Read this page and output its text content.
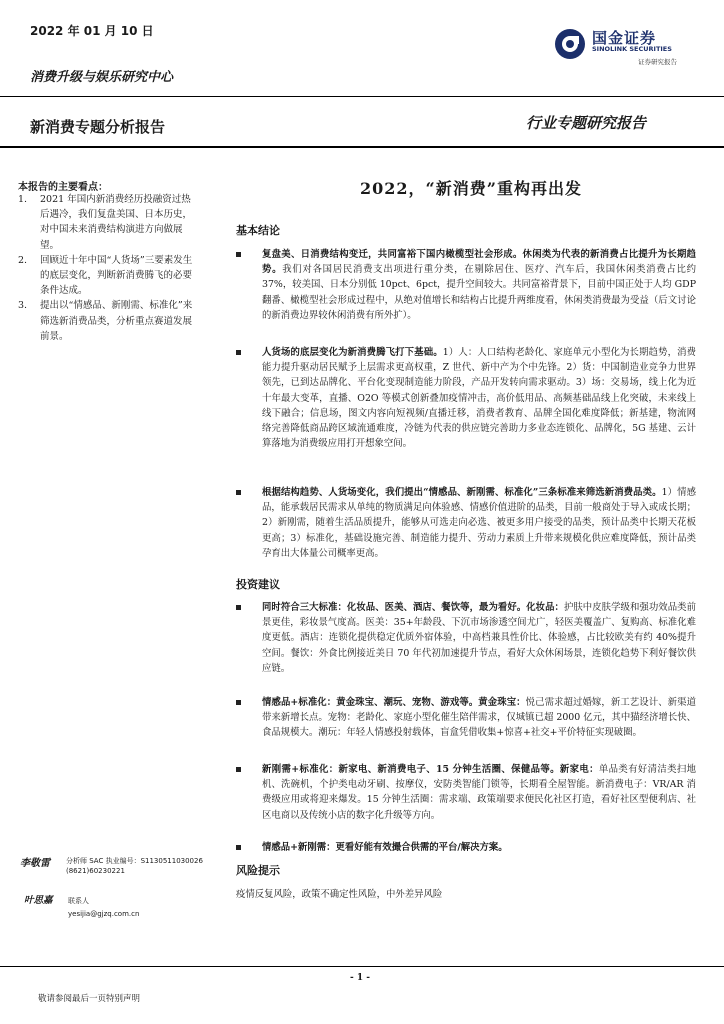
2022 年 01 月 10 日	国金证券
SINOLINK SECURITIES
证券研究报告
消费升级与娱乐研究中心
新消费专题分析报告	行业专题研究报告
本报告的主要看点：
1.	2021 年国内新消费经历投融资过热后遇冷，我们复盘美国、日本历史，对中国未来消费结构演进方向做展望。
2.	回顾近十年中国“人货场”三要素发生的底层变化，判断新消费腾飞的必要条件达成。
3.	提出以“情感品、新刚需、标准化”来筛选新消费品类，分析重点赛道发展前景。
2022，“新消费”重构再出发
基本结论
复盘美、日消费结构变迁，共同富裕下国内橄榄型社会形成。休闲类为代表的新消费占比提升为长期趋势。我们对各国居民消费支出项进行重分类，在剔除居住、医疗、汽车后，我国休闲类消费占比约 37%，较美国、日本分别低 10pct、6pct，提升空间较大。共同富裕背景下，目前中国正处于人均 GDP 翻番、橄榄型社会形成过程中，从绝对值增长和结构占比提升两维度看，休闲类消费最为受益（后文讨论的新消费边界较休闲消费有所外扩）。
人货场的底层变化为新消费腾飞打下基础。1）人：人口结构老龄化、家庭单元小型化为长期趋势，消费能力提升驱动居民赋予上层需求更高权重，Z 世代、新中产为个中先锋。2）货：中国制造业竞争力世界领先，已到达品牌化、平台化变现制造能力阶段，产品开发转向需求驱动。3）场：交易场，线上化为近十年最大变革，直播、O2O 等模式创新叠加疫情冲击，高价低用品、高频基础品线上化突破，未来线上线下融合；信息场，图文内容向短视频/直播迁移，消费者教育、品牌全国化难度降低；新基建，物流网络完善降低商品跨区域流通难度，冷链为代表的供应链完善助力多业态连锁化、品牌化，5G 基建、云计算落地为消费级应用打开想象空间。
根据结构趋势、人货场变化，我们提出“情感品、新刚需、标准化”三条标准来筛选新消费品类。1）情感品，能承载居民需求从单纯的物质满足向体验感、情感价值进阶的品类，目前一般商处于导入或成长期；2）新刚需，随着生活品质提升，能够从可选走向必选、被更多用户接受的品类，预计品类中长期天花板更高；3）标准化，基础设施完善、制造能力提升、劳动力素质上升带来规模化供应难度降低，预计品类孕育出大体量公司概率更高。
投资建议
同时符合三大标准：化妆品、医美、酒店、餐饮等，最为看好。化妆品：护肤中皮肤学级和强功效品类前景更佳，彩妆景气度高。医美：35+年龄段、下沉市场渗透空间尤广，轻医美覆盖广、复购高、标准化难度更低。酒店：连锁化提供稳定优质外宿体验，中高档兼具性价比、体验感，占比较欧美有约 40%提升空间。餐饮：外食比例接近美日 70 年代初加速提升节点，看好大众休闲场景，连锁化趋势下利好餐饮供应链。
情感品+标准化：黄金珠宝、潮玩、宠物、游戏等。黄金珠宝：悦己需求超过婚嫁，新工艺设计、新渠道带来新增长点。宠物：老龄化、家庭小型化催生陪伴需求，仅城镇已超 2000 亿元，其中猫经济增长快、食品规模大。潮玩：年轻人情感投射载体，盲盒凭借收集+惊喜+社交+平价特征实现破圈。
新刚需+标准化：新家电、新消费电子、15 分钟生活圈、保健品等。新家电：单品类有好清洁类扫地机、洗碗机，个护类电动牙刷、按摩仪，安防类智能门锁等，长期看全屋智能。新消费电子：VR/AR 消费级应用或将迎来爆发。15 分钟生活圈：需求端、政策端要求便民化社区打造，看好社区型便利店、社区电商以及传统小店的数字化升级等方向。
情感品+新刚需：更看好能有效撮合供需的平台/解决方案。
风险提示
疫情反复风险，政策不确定性风险，中外差异风险
李敬雷 分析师 SAC 执业编号：S1130511030026
(8621)60230221
叶思嘉 联系人
yesijia@gjzq.com.cn
- 1 -
敬请参阅最后一页特别声明
